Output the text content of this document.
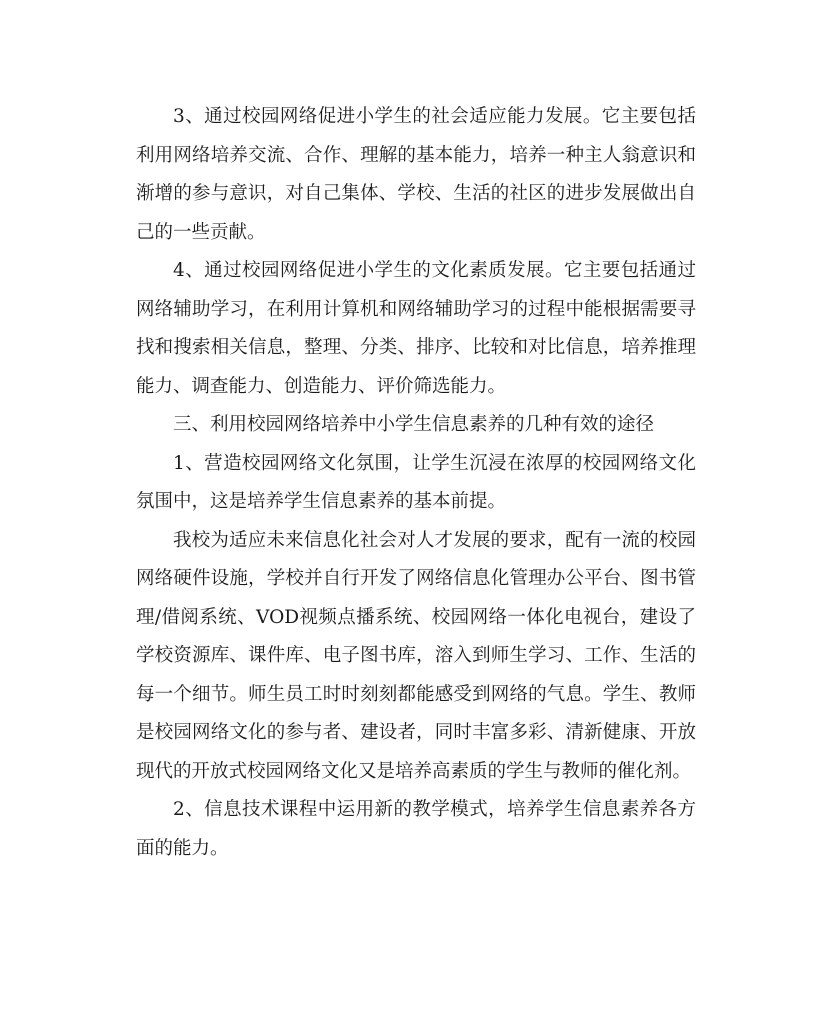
3、通过校园网络促进小学生的社会适应能力发展。它主要包括利用网络培养交流、合作、理解的基本能力，培养一种主人翁意识和渐增的参与意识，对自己集体、学校、生活的社区的进步发展做出自己的一些贡献。

4、通过校园网络促进小学生的文化素质发展。它主要包括通过网络辅助学习，在利用计算机和网络辅助学习的过程中能根据需要寻找和搜索相关信息，整理、分类、排序、比较和对比信息，培养推理能力、调查能力、创造能力、评价筛选能力。

三、利用校园网络培养中小学生信息素养的几种有效的途径

1、营造校园网络文化氛围，让学生沉浸在浓厚的校园网络文化氛围中，这是培养学生信息素养的基本前提。

我校为适应未来信息化社会对人才发展的要求，配有一流的校园网络硬件设施，学校并自行开发了网络信息化管理办公平台、图书管理/借阅系统、VOD视频点播系统、校园网络一体化电视台，建设了学校资源库、课件库、电子图书库，溶入到师生学习、工作、生活的每一个细节。师生员工时时刻刻都能感受到网络的气息。学生、教师是校园网络文化的参与者、建设者，同时丰富多彩、清新健康、开放现代的开放式校园网络文化又是培养高素质的学生与教师的催化剂。

2、信息技术课程中运用新的教学模式，培养学生信息素养各方面的能力。
